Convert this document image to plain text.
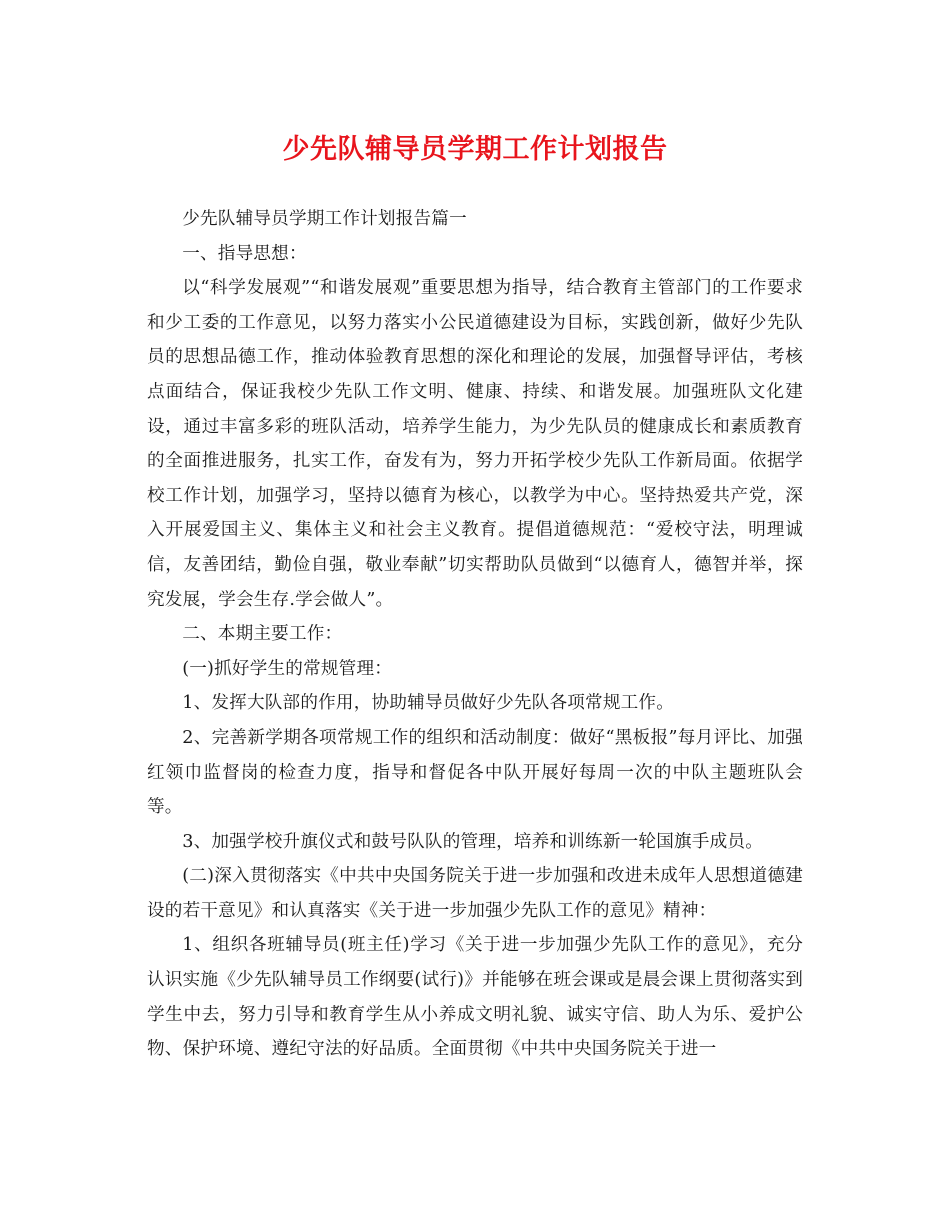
少先队辅导员学期工作计划报告

少先队辅导员学期工作计划报告篇一

一、指导思想：

以“科学发展观”“和谐发展观”重要思想为指导，结合教育主管部门的工作要求和少工委的工作意见，以努力落实小公民道德建设为目标，实践创新，做好少先队员的思想品德工作，推动体验教育思想的深化和理论的发展，加强督导评估，考核点面结合，保证我校少先队工作文明、健康、持续、和谐发展。加强班队文化建设，通过丰富多彩的班队活动，培养学生能力，为少先队员的健康成长和素质教育的全面推进服务，扎实工作，奋发有为，努力开拓学校少先队工作新局面。依据学校工作计划，加强学习，坚持以德育为核心，以教学为中心。坚持热爱共产党，深入开展爱国主义、集体主义和社会主义教育。提倡道德规范：“爱校守法，明理诚信，友善团结，勤俭自强，敬业奉献”切实帮助队员做到“以德育人，德智并举，探究发展，学会生存.学会做人”。

二、本期主要工作：

(一)抓好学生的常规管理：

1、发挥大队部的作用，协助辅导员做好少先队各项常规工作。

2、完善新学期各项常规工作的组织和活动制度：做好“黑板报”每月评比、加强红领巾监督岗的检查力度，指导和督促各中队开展好每周一次的中队主题班队会等。

3、加强学校升旗仪式和鼓号队队的管理，培养和训练新一轮国旗手成员。

(二)深入贯彻落实《中共中央国务院关于进一步加强和改进未成年人思想道德建设的若干意见》和认真落实《关于进一步加强少先队工作的意见》精神：

1、组织各班辅导员(班主任)学习《关于进一步加强少先队工作的意见》，充分认识实施《少先队辅导员工作纲要(试行)》并能够在班会课或是晨会课上贯彻落实到学生中去，努力引导和教育学生从小养成文明礼貌、诚实守信、助人为乐、爱护公物、保护环境、遵纪守法的好品质。全面贯彻《中共中央国务院关于进一
